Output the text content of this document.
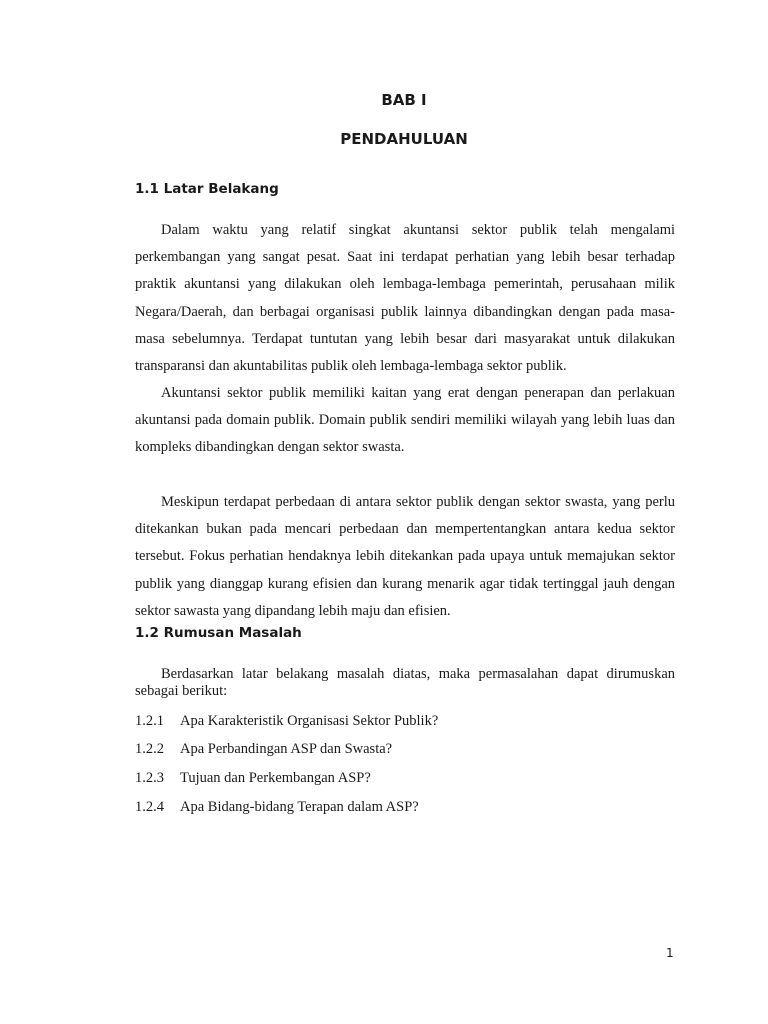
BAB I
PENDAHULUAN
1.1 Latar Belakang

Dalam waktu yang relatif singkat akuntansi sektor publik telah mengalami perkembangan yang sangat pesat. Saat ini terdapat perhatian yang lebih besar terhadap praktik akuntansi yang dilakukan oleh lembaga-lembaga pemerintah, perusahaan milik Negara/Daerah, dan berbagai organisasi publik lainnya dibandingkan dengan pada masa-masa sebelumnya. Terdapat tuntutan yang lebih besar dari masyarakat untuk dilakukan transparansi dan akuntabilitas publik oleh lembaga-lembaga sektor publik.

Akuntansi sektor publik memiliki kaitan yang erat dengan penerapan dan perlakuan akuntansi pada domain publik. Domain publik sendiri memiliki wilayah yang lebih luas dan kompleks dibandingkan dengan sektor swasta.

Meskipun terdapat perbedaan di antara sektor publik dengan sektor swasta, yang perlu ditekankan bukan pada mencari perbedaan dan mempertentangkan antara kedua sektor tersebut. Fokus perhatian hendaknya lebih ditekankan pada upaya untuk memajukan sektor publik yang dianggap kurang efisien dan kurang menarik agar tidak tertinggal jauh dengan sektor sawasta yang dipandang lebih maju dan efisien.

1.2 Rumusan Masalah

Berdasarkan latar belakang masalah diatas, maka permasalahan dapat dirumuskan sebagai berikut:

1.2.1 Apa Karakteristik Organisasi Sektor Publik?
1.2.2 Apa Perbandingan ASP dan Swasta?
1.2.3 Tujuan dan Perkembangan ASP?
1.2.4 Apa Bidang-bidang Terapan dalam ASP?
1
